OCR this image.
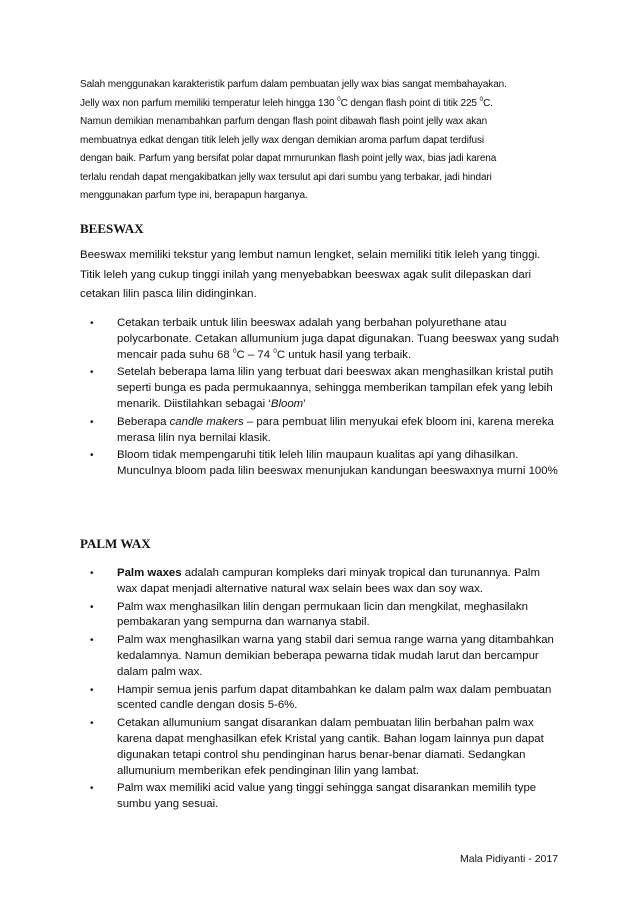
Salah menggunakan karakteristik parfum dalam pembuatan jelly wax bias sangat membahayakan.

Jelly wax non parfum memiliki temperatur leleh hingga 130 $^0$C dengan flash point di titik 225 $^0$C.

Namun demikian menambahkan parfum dengan flash point dibawah flash point jelly wax akan

membuatnya edkat dengan titik leleh jelly wax dengan demikian aroma parfum dapat terdifusi

dengan baik. Parfum yang bersifat polar dapat mrnurunkan flash point jelly wax, bias jadi karena

terlalu rendah dapat mengakibatkan jelly wax tersulut api dari sumbu yang terbakar, jadi hindari

menggunakan parfum type ini, berapapun harganya.

BEESWAX
Beeswax memiliki tekstur yang lembut namun lengket, selain memiliki titik leleh yang tinggi.
Titik leleh yang cukup tinggi inilah yang menyebabkan beeswax agak sulit dilepaskan dari
cetakan lilin pasca lilin didinginkan.
• Cetakan terbaik untuk lilin beeswax adalah yang berbahan polyurethane atau polycarbonate. Cetakan allumunium juga dapat digunakan. Tuang beeswax yang sudah mencair pada suhu 68 $^0$C – 74 $^0$C untuk hasil yang terbaik.
• Setelah beberapa lama lilin yang terbuat dari beeswax akan menghasilkan kristal putih seperti bunga es pada permukaannya, sehingga memberikan tampilan efek yang lebih menarik. Diistilahkan sebagai ‘Bloom’
• Beberapa candle makers – para pembuat lilin menyukai efek bloom ini, karena mereka merasa lilin nya bernilai klasik.
• Bloom tidak mempengaruhi titik leleh lilin maupaun kualitas api yang dihasilkan. Munculnya bloom pada lilin beeswax menunjukan kandungan beeswaxnya murni 100%
PALM WAX
• Palm waxes adalah campuran kompleks dari minyak tropical dan turunannya. Palm wax dapat menjadi alternative natural wax selain bees wax dan soy wax.
• Palm wax menghasilkan lilin dengan permukaan licin dan mengkilat, meghasilakn pembakaran yang sempurna dan warnanya stabil.
• Palm wax menghasilkan warna yang stabil dari semua range warna yang ditambahkan kedalamnya. Namun demikian beberapa pewarna tidak mudah larut dan bercampur dalam palm wax.
• Hampir semua jenis parfum dapat ditambahkan ke dalam palm wax dalam pembuatan scented candle dengan dosis 5-6%.
• Cetakan allumunium sangat disarankan dalam pembuatan lilin berbahan palm wax karena dapat menghasilkan efek Kristal yang cantik. Bahan logam lainnya pun dapat digunakan tetapi control shu pendinginan harus benar-benar diamati. Sedangkan allumunium memberikan efek pendinginan lilin yang lambat.
• Palm wax memiliki acid value yang tinggi sehingga sangat disarankan memilih type sumbu yang sesuai.

Mala Pidiyanti - 2017
